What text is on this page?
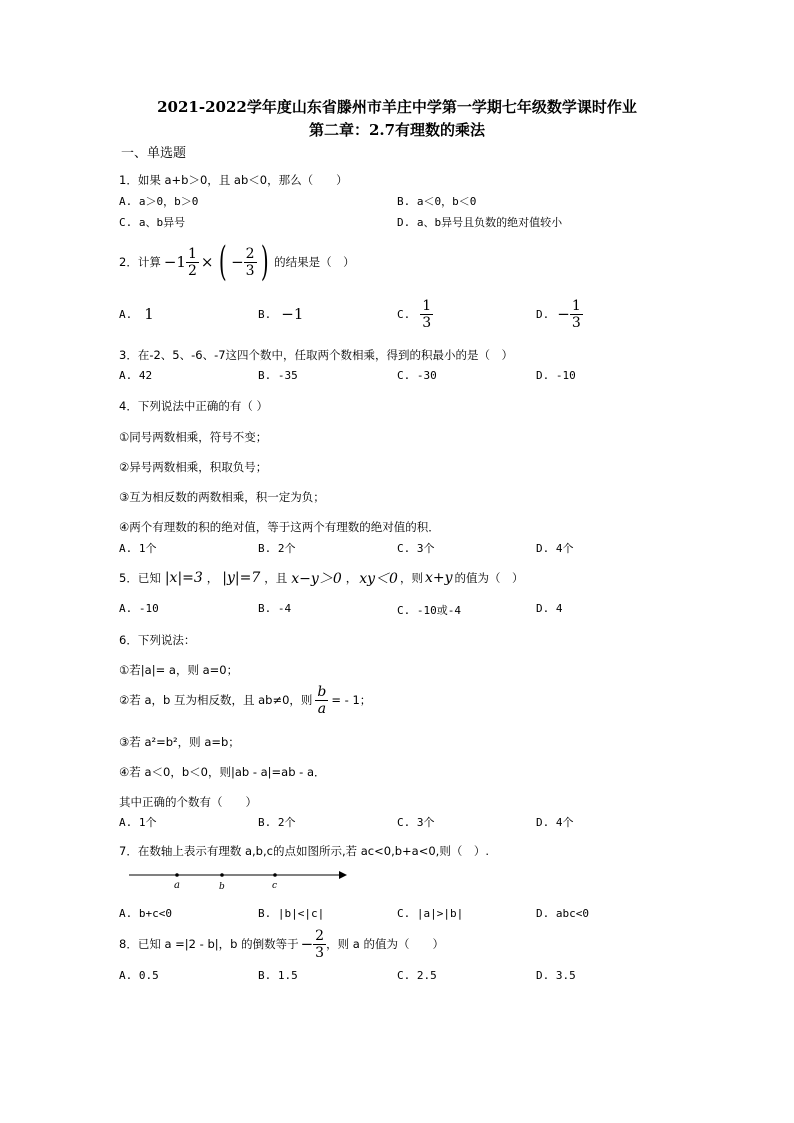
2021-2022学年度山东省滕州市羊庄中学第一学期七年级数学课时作业
第二章：2.7有理数的乘法
一、单选题
1．如果 a+b＞0，且 ab＜0，那么（　　）
A. a＞0，b＞0	B. a＜0，b＜0
C. a、b异号	D. a、b异号且负数的绝对值较小
2．计算 $-1 \frac{1}{2}$ × ( − $\frac{2}{3}$ ) 的结果是（　）
A. 1	B. −1	C. $\frac{1}{3}$	D. − $\frac{1}{3}$
3．在-2、5、-6、-7这四个数中，任取两个数相乘，得到的积最小的是（　）
A. 42	B. -35	C. -30	D. -10
4．下列说法中正确的有（ ）
①同号两数相乘，符号不变；
②异号两数相乘，积取负号；
③互为相反数的两数相乘，积一定为负；
④两个有理数的积的绝对值，等于这两个有理数的绝对值的积．
A. 1个	B. 2个	C. 3个	D. 4个
5．已知 |x|=3 ， |y|=7 ，且 x−y＞0 ， xy＜0 ，则 x+y 的值为（　）
A. -10	B. -4	C. -10或-4	D. 4
6．下列说法：
①若|a|= a，则 a=0；
②若 a，b 互为相反数，且 ab≠0，则 $\frac{b}{a}$ = - 1；
③若 a²=b²，则 a=b；
④若 a＜0，b＜0，则|ab - a|=ab - a．
其中正确的个数有（　　）
A. 1个	B. 2个	C. 3个	D. 4个
7．在数轴上表示有理数 a,b,c的点如图所示,若 ac<0,b+a<0,则（　）.
a	b	c
A. b+c<0	B. |b|<|c|	C. |a|>|b|	D. abc<0
8．已知 a =|2 - b|，b 的倒数等于 − $\frac{2}{3}$ ，则 a 的值为（　　）
A. 0.5	B. 1.5	C. 2.5	D. 3.5
